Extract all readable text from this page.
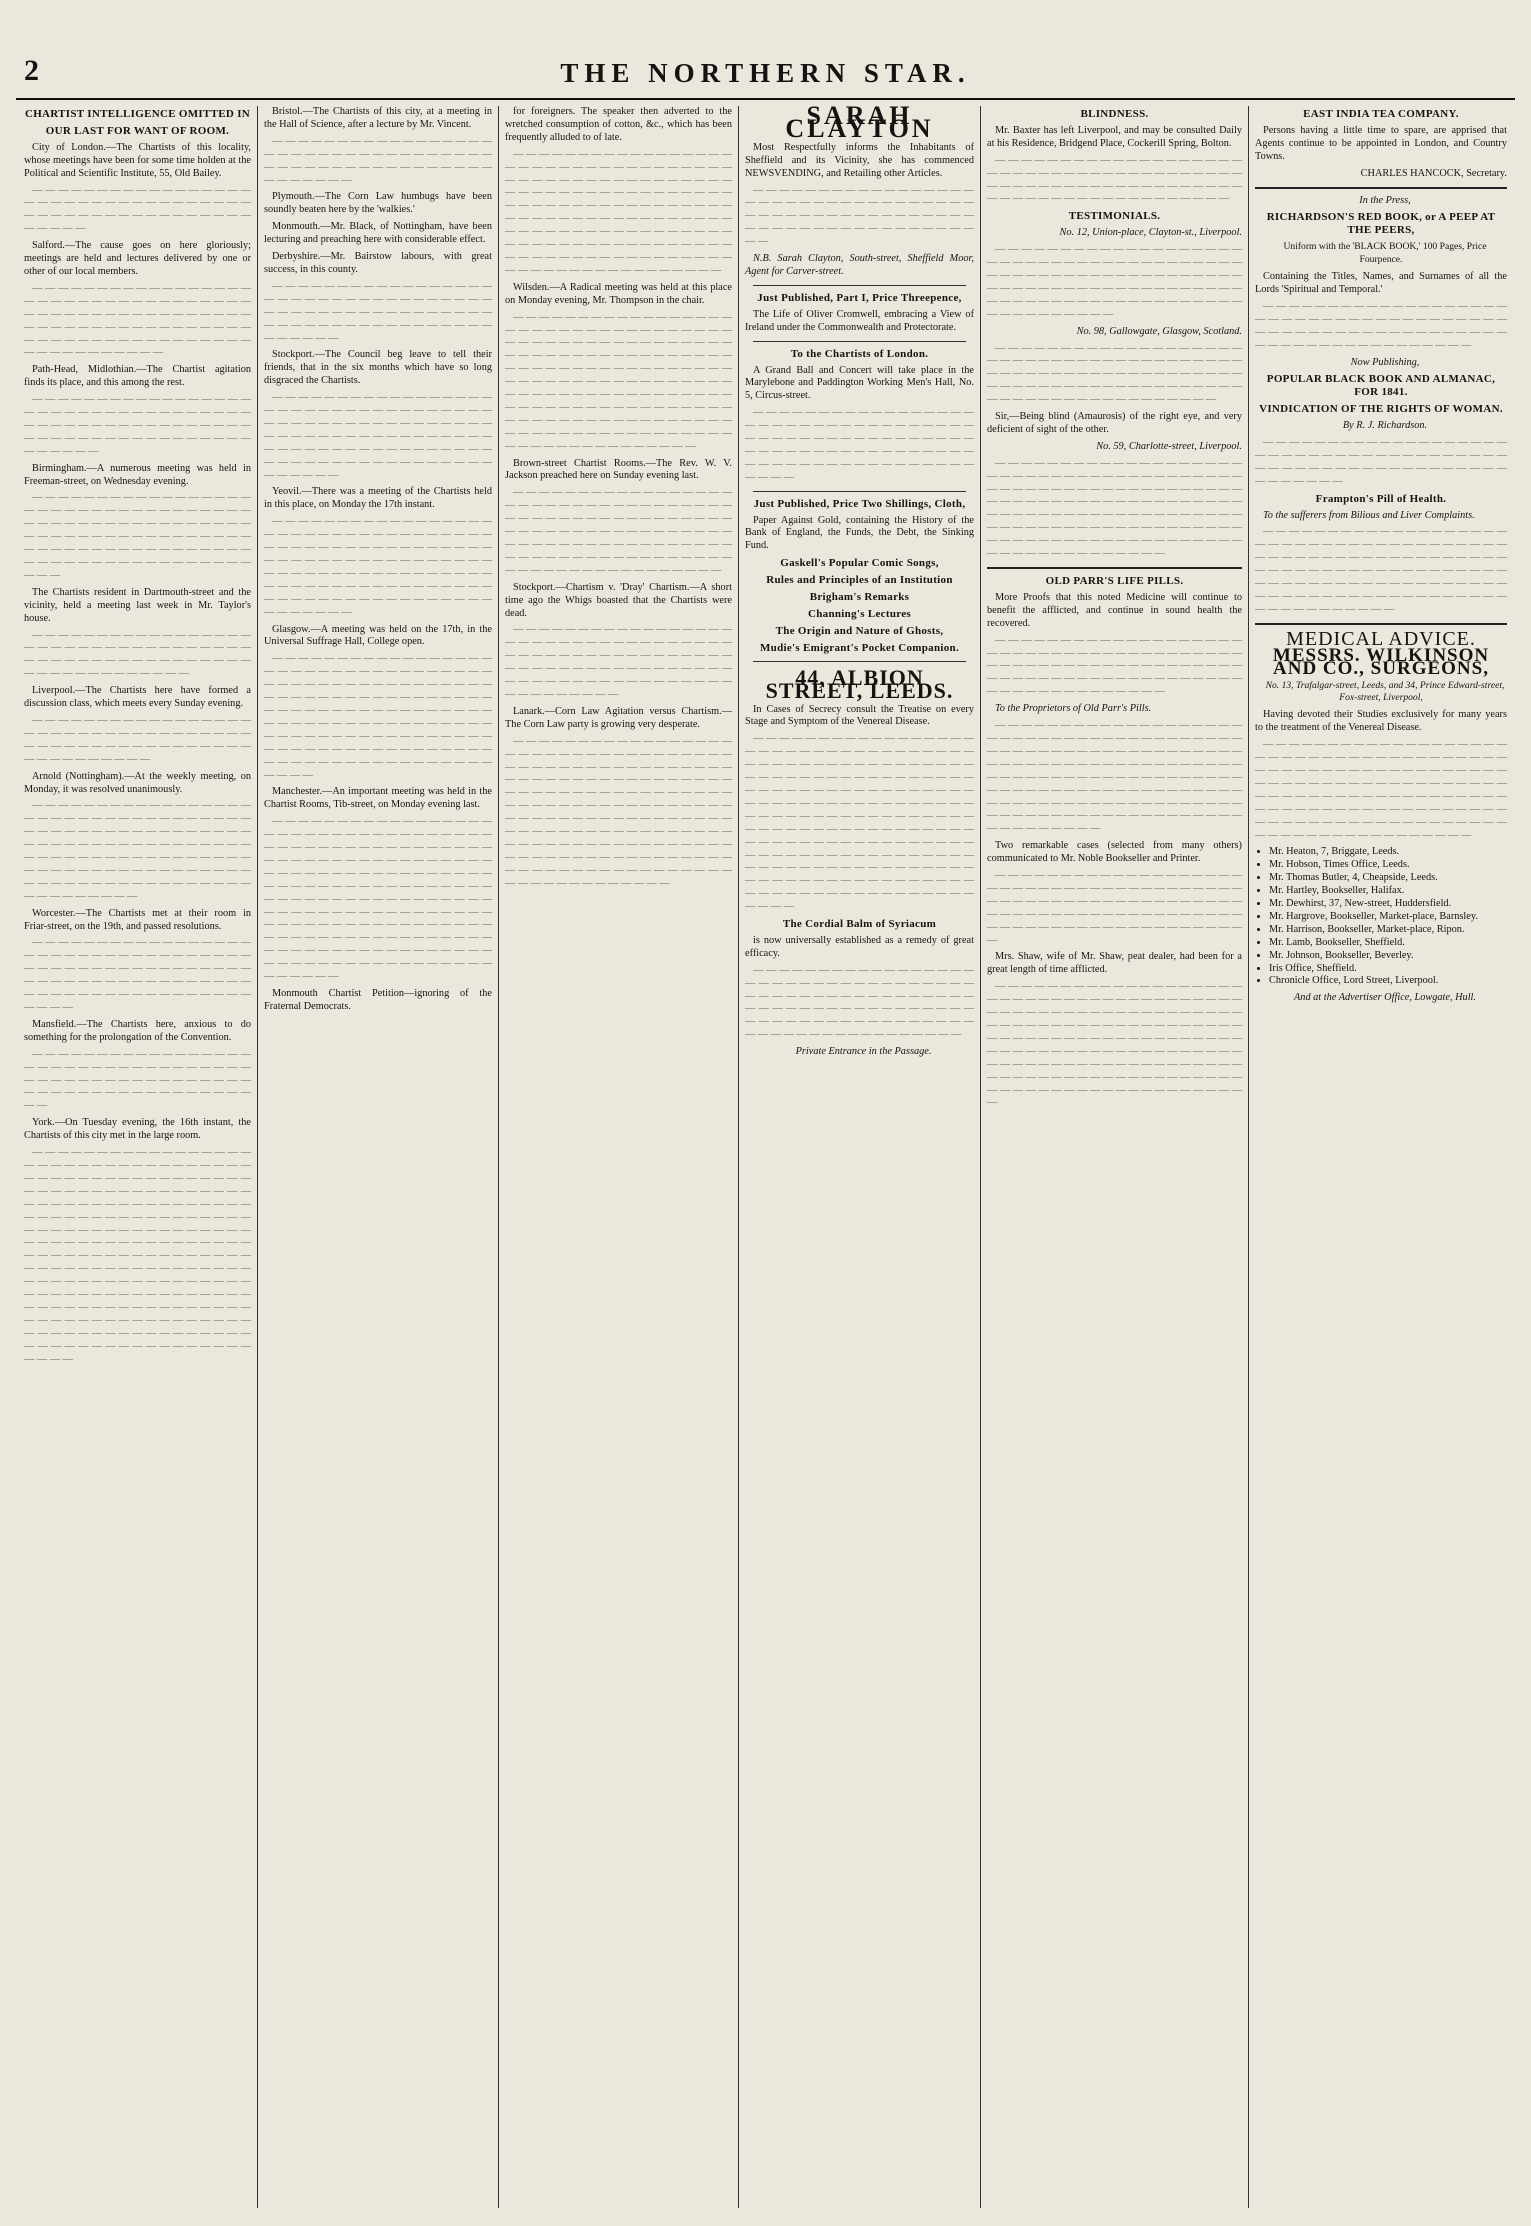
2	THE NORTHERN STAR.
CHARTIST INTELLIGENCE OMITTED IN
OUR LAST FOR WANT OF ROOM.

City of London.—The Chartists of this locality, whose meetings have been for some time holden at the Political and Scientific Institute, 55, Old Bailey.

— — — — — — — — — — — — — — — — — — — — — — — — — — — — — — — — — — — — — — — — — — — — — — — — — — — — — — — —

Salford.—The cause goes on here gloriously; meetings are held and lectures delivered by one or other of our local members.

— — — — — — — — — — — — — — — — — — — — — — — — — — — — — — — — — — — — — — — — — — — — — — — — — — — — — — — — — — — — — — — — — — — — — — — — — — — — — — — — — — — — — — — — — — — — — — — —

Path-Head, Midlothian.—The Chartist agitation finds its place, and this among the rest.

— — — — — — — — — — — — — — — — — — — — — — — — — — — — — — — — — — — — — — — — — — — — — — — — — — — — — — — — — — — — — — — — — — — — — — — — — —

Birmingham.—A numerous meeting was held in Freeman-street, on Wednesday evening.

— — — — — — — — — — — — — — — — — — — — — — — — — — — — — — — — — — — — — — — — — — — — — — — — — — — — — — — — — — — — — — — — — — — — — — — — — — — — — — — — — — — — — — — — — — — — — — — — — — — — — — — — —

The Chartists resident in Dartmouth-street and the vicinity, held a meeting last week in Mr. Taylor's house.

— — — — — — — — — — — — — — — — — — — — — — — — — — — — — — — — — — — — — — — — — — — — — — — — — — — — — — — — — — — — — — — —

Liverpool.—The Chartists here have formed a discussion class, which meets every Sunday evening.

— — — — — — — — — — — — — — — — — — — — — — — — — — — — — — — — — — — — — — — — — — — — — — — — — — — — — — — — — — — — —

Arnold (Nottingham).—At the weekly meeting, on Monday, it was resolved unanimously.

— — — — — — — — — — — — — — — — — — — — — — — — — — — — — — — — — — — — — — — — — — — — — — — — — — — — — — — — — — — — — — — — — — — — — — — — — — — — — — — — — — — — — — — — — — — — — — — — — — — — — — — — — — — — — — — — — — — — — — — — — — — — — — — —

Worcester.—The Chartists met at their room in Friar-street, on the 19th, and passed resolutions.

— — — — — — — — — — — — — — — — — — — — — — — — — — — — — — — — — — — — — — — — — — — — — — — — — — — — — — — — — — — — — — — — — — — — — — — — — — — — — — — — — — — — — — — — —

Mansfield.—The Chartists here, anxious to do something for the prolongation of the Convention.

— — — — — — — — — — — — — — — — — — — — — — — — — — — — — — — — — — — — — — — — — — — — — — — — — — — — — — — — — — — — — — — — — — — — — —

York.—On Tuesday evening, the 16th instant, the Chartists of this city met in the large room.

— — — — — — — — — — — — — — — — — — — — — — — — — — — — — — — — — — — — — — — — — — — — — — — — — — — — — — — — — — — — — — — — — — — — — — — — — — — — — — — — — — — — — — — — — — — — — — — — — — — — — — — — — — — — — — — — — — — — — — — — — — — — — — — — — — — — — — — — — — — — — — — — — — — — — — — — — — — — — — — — — — — — — — — — — — — — — — — — — — — — — — — — — — — — — — — — — — — — — — — — — — — — — — — — — — — — — — — — — — — — — — — — — — — — — — — — — — — — — — — — — — — — — — — — — — — — — — — — — — — — — — — — — — — — — — — — — — — —

Bristol.—The Chartists of this city, at a meeting in the Hall of Science, after a lecture by Mr. Vincent.

— — — — — — — — — — — — — — — — — — — — — — — — — — — — — — — — — — — — — — — — — — — — — — — — — — — — — — — — — —

Plymouth.—The Corn Law humbugs have been soundly beaten here by the 'walkies.'

Monmouth.—Mr. Black, of Nottingham, have been lecturing and preaching here with considerable effect.

Derbyshire.—Mr. Bairstow labours, with great success, in this county.

— — — — — — — — — — — — — — — — — — — — — — — — — — — — — — — — — — — — — — — — — — — — — — — — — — — — — — — — — — — — — — — — — — — — — — — — — —

Stockport.—The Council beg leave to tell their friends, that in the six months which have so long disgraced the Chartists.

— — — — — — — — — — — — — — — — — — — — — — — — — — — — — — — — — — — — — — — — — — — — — — — — — — — — — — — — — — — — — — — — — — — — — — — — — — — — — — — — — — — — — — — — — — — — — — — — — — — — — — — — — — — —

Yeovil.—There was a meeting of the Chartists held in this place, on Monday the 17th instant.

— — — — — — — — — — — — — — — — — — — — — — — — — — — — — — — — — — — — — — — — — — — — — — — — — — — — — — — — — — — — — — — — — — — — — — — — — — — — — — — — — — — — — — — — — — — — — — — — — — — — — — — — — — — — — — — — — — — — — — — — — — — — — —

Glasgow.—A meeting was held on the 17th, in the Universal Suffrage Hall, College open.

— — — — — — — — — — — — — — — — — — — — — — — — — — — — — — — — — — — — — — — — — — — — — — — — — — — — — — — — — — — — — — — — — — — — — — — — — — — — — — — — — — — — — — — — — — — — — — — — — — — — — — — — — — — — — — — — — — — — — — — — — — — — — — — — — — — — — — — — — — — — — — — — — — — — — — — — — — — — —

Manchester.—An important meeting was held in the Chartist Rooms, Tib-street, on Monday evening last.

— — — — — — — — — — — — — — — — — — — — — — — — — — — — — — — — — — — — — — — — — — — — — — — — — — — — — — — — — — — — — — — — — — — — — — — — — — — — — — — — — — — — — — — — — — — — — — — — — — — — — — — — — — — — — — — — — — — — — — — — — — — — — — — — — — — — — — — — — — — — — — — — — — — — — — — — — — — — — — — — — — — — — — — — — — — — — — — — — — — — — — — — — — — — — — — — — — — — — — — — — — — — — — — — — —

Monmouth Chartist Petition—ignoring of the Fraternal Democrats.

for foreigners. The speaker then adverted to the wretched consumption of cotton, &c., which has been frequently alluded to of late.

— — — — — — — — — — — — — — — — — — — — — — — — — — — — — — — — — — — — — — — — — — — — — — — — — — — — — — — — — — — — — — — — — — — — — — — — — — — — — — — — — — — — — — — — — — — — — — — — — — — — — — — — — — — — — — — — — — — — — — — — — — — — — — — — — — — — — — — — — — — — — — — — — — — — — — — — — — — — — — — — — — — — — — — — — —

Wilsden.—A Radical meeting was held at this place on Monday evening, Mr. Thompson in the chair.

— — — — — — — — — — — — — — — — — — — — — — — — — — — — — — — — — — — — — — — — — — — — — — — — — — — — — — — — — — — — — — — — — — — — — — — — — — — — — — — — — — — — — — — — — — — — — — — — — — — — — — — — — — — — — — — — — — — — — — — — — — — — — — — — — — — — — — — — — — — — — — — — — — — — — — — — — — — — — — — — — — — — — — — — — — — — — — — — — — — — — — — — —

Brown-street Chartist Rooms.—The Rev. W. V. Jackson preached here on Sunday evening last.

— — — — — — — — — — — — — — — — — — — — — — — — — — — — — — — — — — — — — — — — — — — — — — — — — — — — — — — — — — — — — — — — — — — — — — — — — — — — — — — — — — — — — — — — — — — — — — — — — — — — — — — — — — — — — — — — — — — — — — —

Stockport.—Chartism v. 'Dray' Chartism.—A short time ago the Whigs boasted that the Chartists were dead.

— — — — — — — — — — — — — — — — — — — — — — — — — — — — — — — — — — — — — — — — — — — — — — — — — — — — — — — — — — — — — — — — — — — — — — — — — — — — — — — — — — — — — — — — — — — — — —

Lanark.—Corn Law Agitation versus Chartism.—The Corn Law party is growing very desperate.

— — — — — — — — — — — — — — — — — — — — — — — — — — — — — — — — — — — — — — — — — — — — — — — — — — — — — — — — — — — — — — — — — — — — — — — — — — — — — — — — — — — — — — — — — — — — — — — — — — — — — — — — — — — — — — — — — — — — — — — — — — — — — — — — — — — — — — — — — — — — — — — — — — — — — — — — — — — — — — — — — — — — — — — — — — — — — — — — — — — — — — — — — — — — — — — — — — — — — — — —

SARAH CLAYTON

Most Respectfully informs the Inhabitants of Sheffield and its Vicinity, she has commenced NEWSVENDING, and Retailing other Articles.

— — — — — — — — — — — — — — — — — — — — — — — — — — — — — — — — — — — — — — — — — — — — — — — — — — — — — — — — — — — — — — — — — — — — — —

N.B. Sarah Clayton, South-street, Sheffield Moor, Agent for Carver-street.

Just Published, Part I, Price Threepence,

The Life of Oliver Cromwell, embracing a View of Ireland under the Commonwealth and Protectorate.

To the Chartists of London.

A Grand Ball and Concert will take place in the Marylebone and Paddington Working Men's Hall, No. 5, Circus-street.

— — — — — — — — — — — — — — — — — — — — — — — — — — — — — — — — — — — — — — — — — — — — — — — — — — — — — — — — — — — — — — — — — — — — — — — — — — — — — — — — — — — — — — — — —

Just Published, Price Two Shillings, Cloth,

Paper Against Gold, containing the History of the Bank of England, the Funds, the Debt, the Sinking Fund.

Gaskell's Popular Comic Songs,
Rules and Principles of an Institution
Brigham's Remarks
Channing's Lectures
The Origin and Nature of Ghosts,
Mudie's Emigrant's Pocket Companion.
44, ALBION STREET, LEEDS.

In Cases of Secrecy consult the Treatise on every Stage and Symptom of the Venereal Disease.

— — — — — — — — — — — — — — — — — — — — — — — — — — — — — — — — — — — — — — — — — — — — — — — — — — — — — — — — — — — — — — — — — — — — — — — — — — — — — — — — — — — — — — — — — — — — — — — — — — — — — — — — — — — — — — — — — — — — — — — — — — — — — — — — — — — — — — — — — — — — — — — — — — — — — — — — — — — — — — — — — — — — — — — — — — — — — — — — — — — — — — — — — — — — — — — — — — — — — — — — — — — — — — — — — — — — — — — — — — — — — — — — —

The Cordial Balm of Syriacum

is now universally established as a remedy of great efficacy.

— — — — — — — — — — — — — — — — — — — — — — — — — — — — — — — — — — — — — — — — — — — — — — — — — — — — — — — — — — — — — — — — — — — — — — — — — — — — — — — — — — — — — — — — — — — — — — — — — — — — — —

Private Entrance in the Passage.

BLINDNESS.

Mr. Baxter has left Liverpool, and may be consulted Daily at his Residence, Bridgend Place, Cockerill Spring, Bolton.

— — — — — — — — — — — — — — — — — — — — — — — — — — — — — — — — — — — — — — — — — — — — — — — — — — — — — — — — — — — — — — — — — — — — — — — — — — — — — —

TESTIMONIALS.

No. 12, Union-place, Clayton-st., Liverpool.

— — — — — — — — — — — — — — — — — — — — — — — — — — — — — — — — — — — — — — — — — — — — — — — — — — — — — — — — — — — — — — — — — — — — — — — — — — — — — — — — — — — — — — — — — — — — — — — — — — — — — — — — — — — — —

No. 98, Gallowgate, Glasgow, Scotland.

— — — — — — — — — — — — — — — — — — — — — — — — — — — — — — — — — — — — — — — — — — — — — — — — — — — — — — — — — — — — — — — — — — — — — — — — — — — — — — — — — — — — — — — — — — — — — — — — —

Sir,—Being blind (Amaurosis) of the right eye, and very deficient of sight of the other.

No. 59, Charlotte-street, Liverpool.

— — — — — — — — — — — — — — — — — — — — — — — — — — — — — — — — — — — — — — — — — — — — — — — — — — — — — — — — — — — — — — — — — — — — — — — — — — — — — — — — — — — — — — — — — — — — — — — — — — — — — — — — — — — — — — — — — — — — — — — — — — — — — — — — — — — — — — — — — — — — — — — — — — — — — — — — —

OLD PARR'S LIFE PILLS.

More Proofs that this noted Medicine will continue to benefit the afflicted, and continue in sound health the recovered.

— — — — — — — — — — — — — — — — — — — — — — — — — — — — — — — — — — — — — — — — — — — — — — — — — — — — — — — — — — — — — — — — — — — — — — — — — — — — — — — — — — — — — — — — — — — — —

To the Proprietors of Old Parr's Pills.

— — — — — — — — — — — — — — — — — — — — — — — — — — — — — — — — — — — — — — — — — — — — — — — — — — — — — — — — — — — — — — — — — — — — — — — — — — — — — — — — — — — — — — — — — — — — — — — — — — — — — — — — — — — — — — — — — — — — — — — — — — — — — — — — — — — — — — — — — — — — — — — — — — — — — — — — — — — — — — — — — — — — — — — —

Two remarkable cases (selected from many others) communicated to Mr. Noble Bookseller and Printer.

— — — — — — — — — — — — — — — — — — — — — — — — — — — — — — — — — — — — — — — — — — — — — — — — — — — — — — — — — — — — — — — — — — — — — — — — — — — — — — — — — — — — — — — — — — — — — — — — — — — —

Mrs. Shaw, wife of Mr. Shaw, peat dealer, had been for a great length of time afflicted.

— — — — — — — — — — — — — — — — — — — — — — — — — — — — — — — — — — — — — — — — — — — — — — — — — — — — — — — — — — — — — — — — — — — — — — — — — — — — — — — — — — — — — — — — — — — — — — — — — — — — — — — — — — — — — — — — — — — — — — — — — — — — — — — — — — — — — — — — — — — — — — — — — — — — — — — — — — — — — — — — — — — — — — — — — — — — — — — — — — — —

EAST INDIA TEA COMPANY.

Persons having a little time to spare, are apprised that Agents continue to be appointed in London, and Country Towns.

CHARLES HANCOCK, Secretary.

In the Press,

RICHARDSON'S RED BOOK, or A PEEP AT THE PEERS,

Uniform with the 'BLACK BOOK,' 100 Pages, Price Fourpence.

Containing the Titles, Names, and Surnames of all the Lords 'Spiritual and Temporal.'

— — — — — — — — — — — — — — — — — — — — — — — — — — — — — — — — — — — — — — — — — — — — — — — — — — — — — — — — — — — — — — — — — — — — — — — — — —

Now Publishing,

POPULAR BLACK BOOK AND ALMANAC, FOR 1841.
VINDICATION OF THE RIGHTS OF WOMAN.

By R. J. Richardson.

— — — — — — — — — — — — — — — — — — — — — — — — — — — — — — — — — — — — — — — — — — — — — — — — — — — — — — — — — — — — — — — —

Frampton's Pill of Health.

To the sufferers from Bilious and Liver Complaints.

— — — — — — — — — — — — — — — — — — — — — — — — — — — — — — — — — — — — — — — — — — — — — — — — — — — — — — — — — — — — — — — — — — — — — — — — — — — — — — — — — — — — — — — — — — — — — — — — — — — — — — — — — — — — — — — — — — — — — — — — — — — — —

MEDICAL ADVICE.
MESSRS. WILKINSON AND CO., SURGEONS,

No. 13, Trafalgar-street, Leeds, and 34, Prince Edward-street, Fox-street, Liverpool,

Having devoted their Studies exclusively for many years to the treatment of the Venereal Disease.

— — — — — — — — — — — — — — — — — — — — — — — — — — — — — — — — — — — — — — — — — — — — — — — — — — — — — — — — — — — — — — — — — — — — — — — — — — — — — — — — — — — — — — — — — — — — — — — — — — — — — — — — — — — — — — — — — — — — — — — — — — — — — — — — — — — — — — — — — — — — — — — — — — — — — —

• Mr. Heaton, 7, Briggate, Leeds.
• Mr. Hobson, Times Office, Leeds.
• Mr. Thomas Butler, 4, Cheapside, Leeds.
• Mr. Hartley, Bookseller, Halifax.
• Mr. Dewhirst, 37, New-street, Huddersfield.
• Mr. Hargrove, Bookseller, Market-place, Barnsley.
• Mr. Harrison, Bookseller, Market-place, Ripon.
• Mr. Lamb, Bookseller, Sheffield.
• Mr. Johnson, Bookseller, Beverley.
• Iris Office, Sheffield.
• Chronicle Office, Lord Street, Liverpool.

And at the Advertiser Office, Lowgate, Hull.
